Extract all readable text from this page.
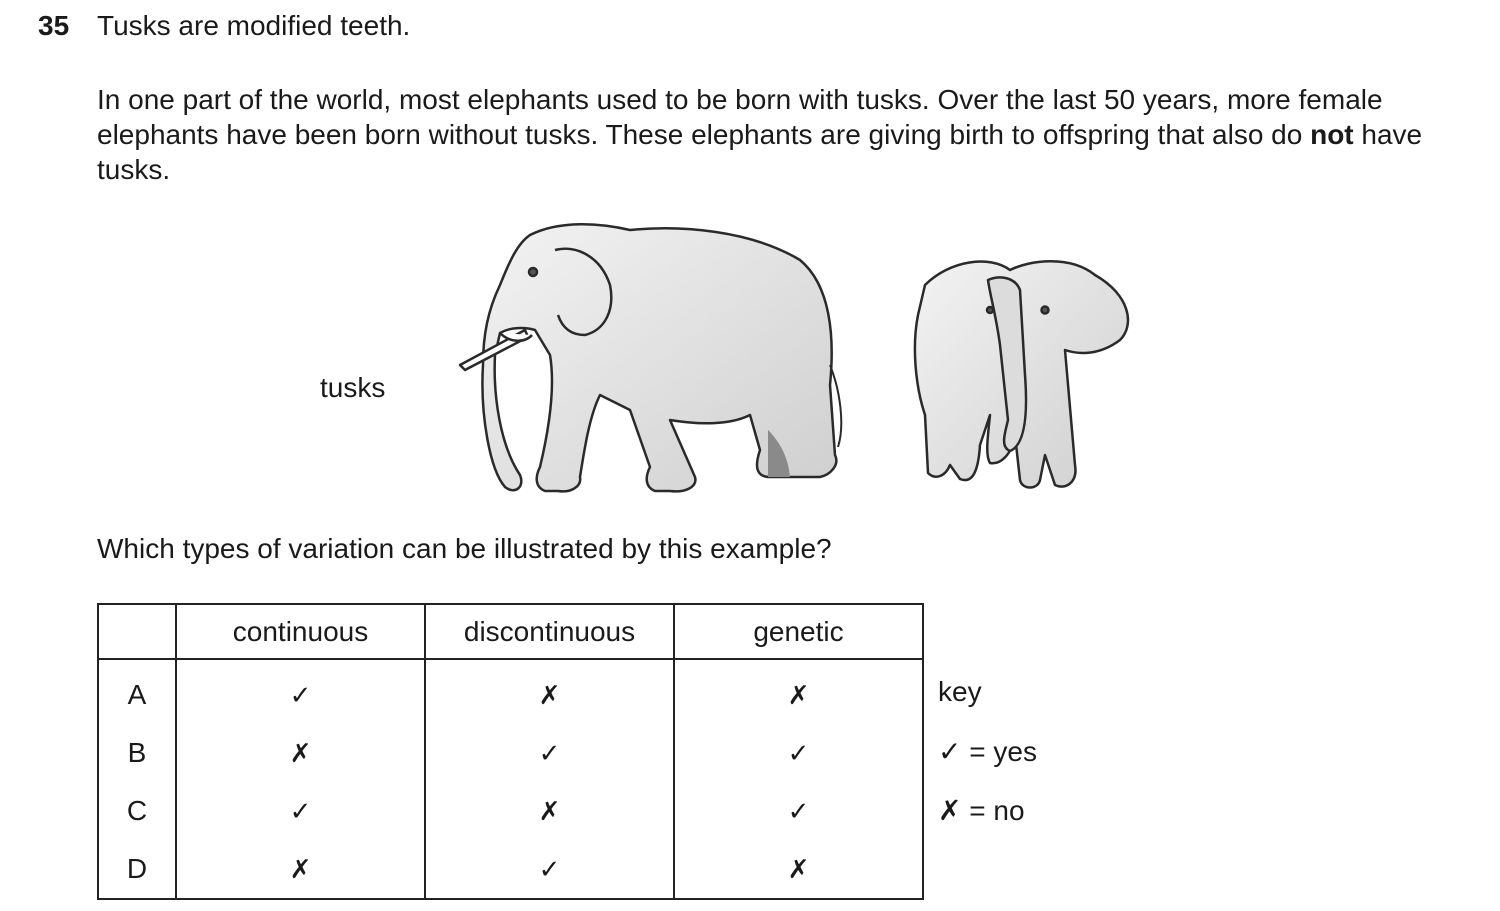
35 Tusks are modified teeth.
In one part of the world, most elephants used to be born with tusks. Over the last 50 years, more female elephants have been born without tusks. These elephants are giving birth to offspring that also do not have tusks.
tusks
Which types of variation can be illustrated by this example?
	continuous	discontinuous	genetic
A	✓	✗	✗
B	✗	✓	✓
C	✓	✗	✓
D	✗	✓	✗
key
✓ = yes
✗ = no
